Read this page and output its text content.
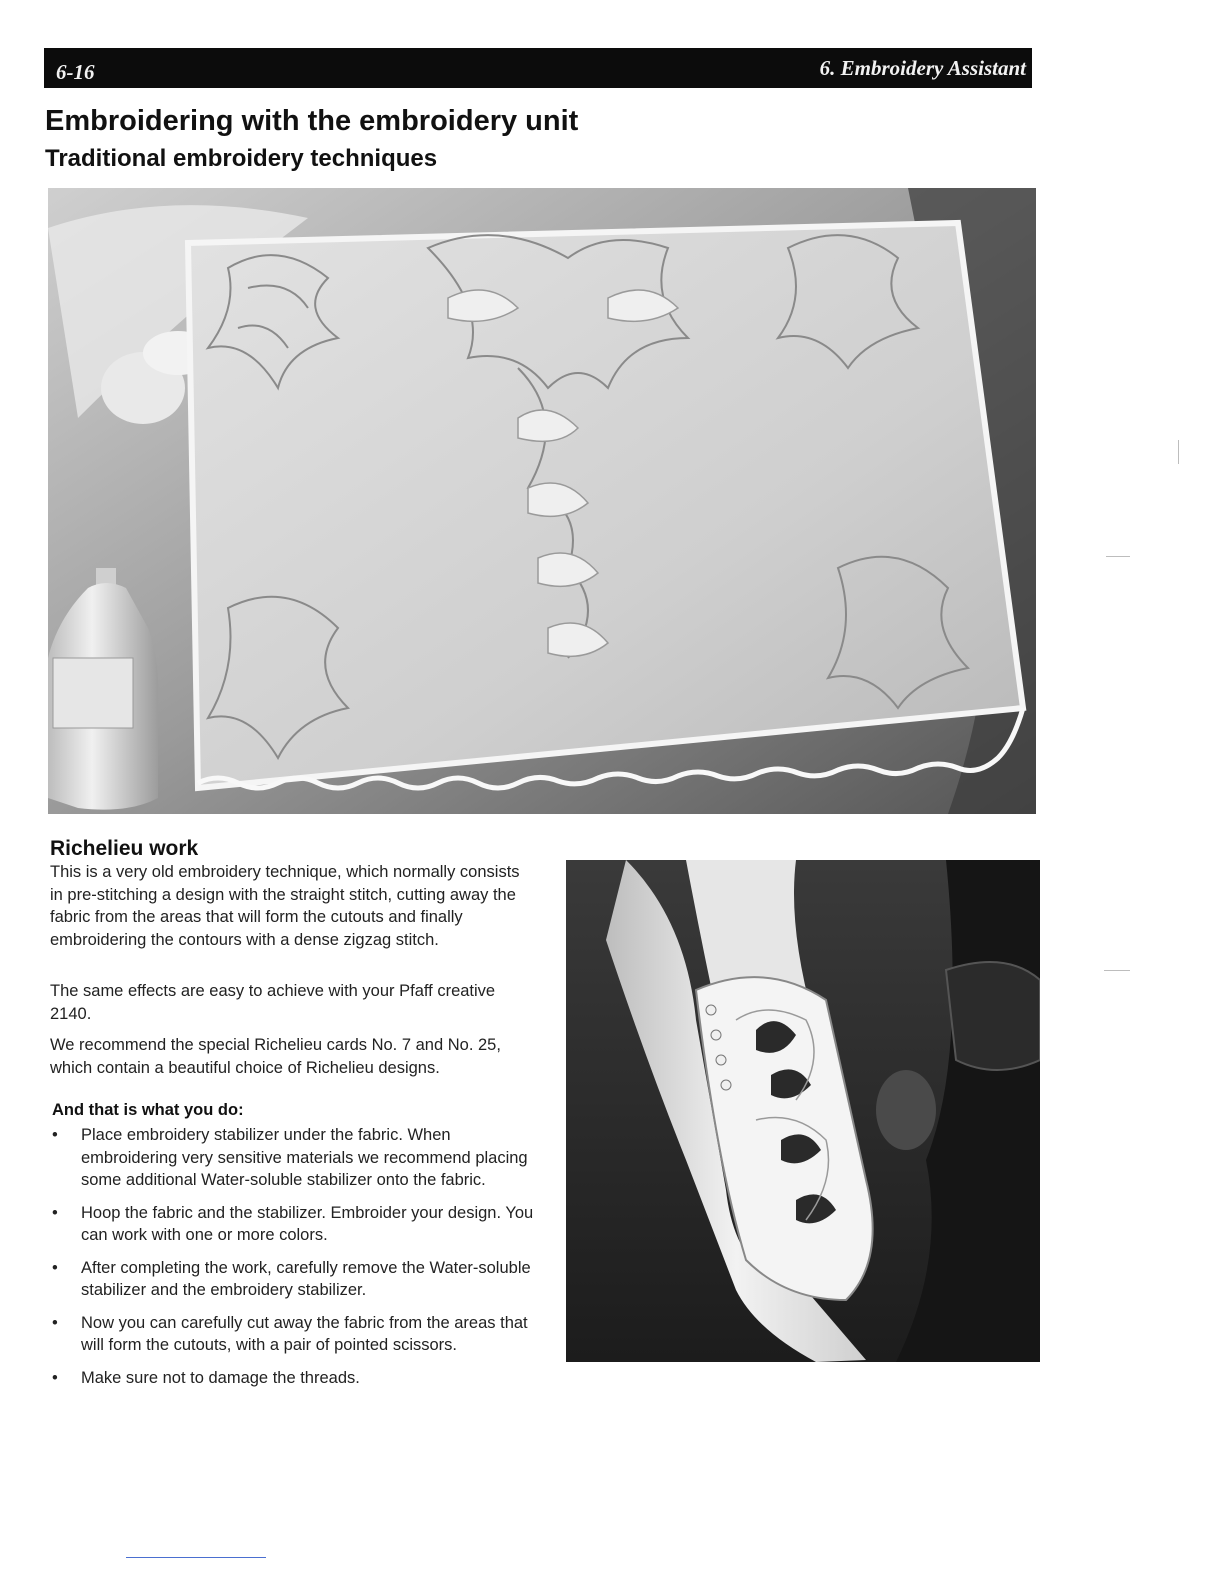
6-16	6. Embroidery Assistant
Embroidering with the embroidery unit
Traditional embroidery techniques
Richelieu work

This is a very old embroidery technique, which normally consists in pre-stitching a design with the straight stitch, cutting away the fabric from the areas that will form the cutouts and finally embroidering the contours with a dense zigzag stitch.

The same effects are easy to achieve with your Pfaff creative 2140.

We recommend the special Richelieu cards No. 7 and No. 25, which contain a beautiful choice of Richelieu designs.

And that is what you do:
• Place embroidery stabilizer under the fabric. When embroidering very sensitive materials we recommend placing some additional Water-soluble stabilizer onto the fabric.
• Hoop the fabric and the stabilizer. Embroider your design. You can work with one or more colors.
• After completing the work, carefully remove the Water-soluble stabilizer and the embroidery stabilizer.
• Now you can carefully cut away the fabric from the areas that will form the cutouts, with a pair of pointed scissors.
• Make sure not to damage the threads.
